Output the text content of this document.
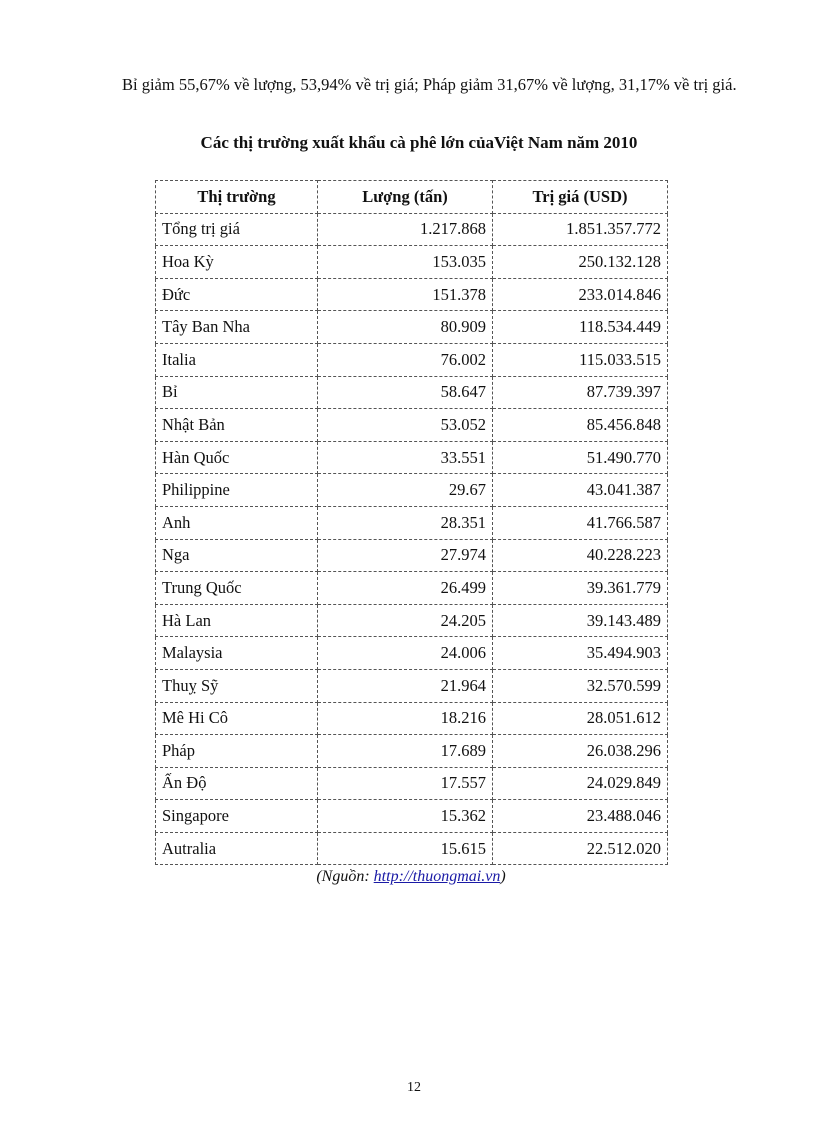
Bỉ giảm 55,67% về lượng, 53,94% về trị giá; Pháp giảm 31,67% về lượng, 31,17% về trị giá.

Các thị trường xuất khẩu cà phê lớn củaViệt Nam năm 2010

Thị trường	Lượng (tấn)	Trị giá (USD)
Tổng trị giá	1.217.868	1.851.357.772
Hoa Kỳ	153.035	250.132.128
Đức	151.378	233.014.846
Tây Ban Nha	80.909	118.534.449
Italia	76.002	115.033.515
Bỉ	58.647	87.739.397
Nhật Bản	53.052	85.456.848
Hàn Quốc	33.551	51.490.770
Philippine	29.67	43.041.387
Anh	28.351	41.766.587
Nga	27.974	40.228.223
Trung Quốc	26.499	39.361.779
Hà Lan	24.205	39.143.489
Malaysia	24.006	35.494.903
Thuỵ Sỹ	21.964	32.570.599
Mê Hi Cô	18.216	28.051.612
Pháp	17.689	26.038.296
Ấn Độ	17.557	24.029.849
Singapore	15.362	23.488.046
Autralia	15.615	22.512.020

(Nguồn: http://thuongmai.vn)

12
